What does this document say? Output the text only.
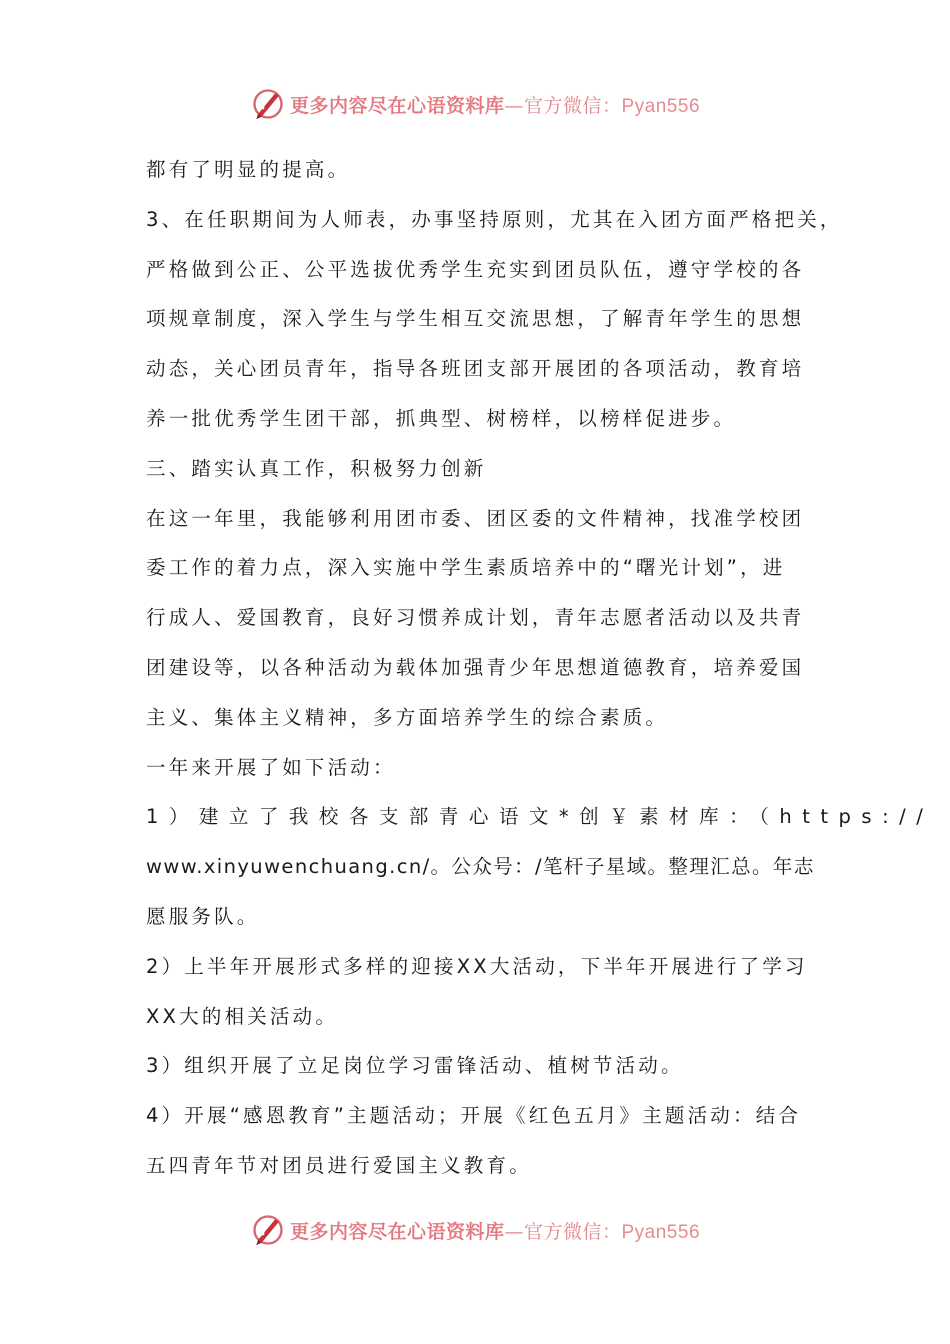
更多内容尽在心语资料库—官方微信：Pyan556
都有了明显的提高。
3、在任职期间为人师表，办事坚持原则，尤其在入团方面严格把关，
严格做到公正、公平选拔优秀学生充实到团员队伍，遵守学校的各
项规章制度，深入学生与学生相互交流思想，了解青年学生的思想
动态，关心团员青年，指导各班团支部开展团的各项活动，教育培
养一批优秀学生团干部，抓典型、树榜样，以榜样促进步。
三、踏实认真工作，积极努力创新
在这一年里，我能够利用团市委、团区委的文件精神，找准学校团
委工作的着力点，深入实施中学生素质培养中的“曙光计划”，进
行成人、爱国教育，良好习惯养成计划，青年志愿者活动以及共青
团建设等，以各种活动为载体加强青少年思想道德教育，培养爱国
主义、集体主义精神，多方面培养学生的综合素质。
一年来开展了如下活动：
1）建立了我校各支部青心语文*创￥素材库：（https://
www.xinyuwenchuang.cn/。公众号：/笔杆子星域。整理汇总。年志
愿服务队。
2）上半年开展形式多样的迎接XX大活动，下半年开展进行了学习
XX大的相关活动。
3）组织开展了立足岗位学习雷锋活动、植树节活动。
4）开展“感恩教育”主题活动；开展《红色五月》主题活动：结合
五四青年节对团员进行爱国主义教育。
更多内容尽在心语资料库—官方微信：Pyan556
